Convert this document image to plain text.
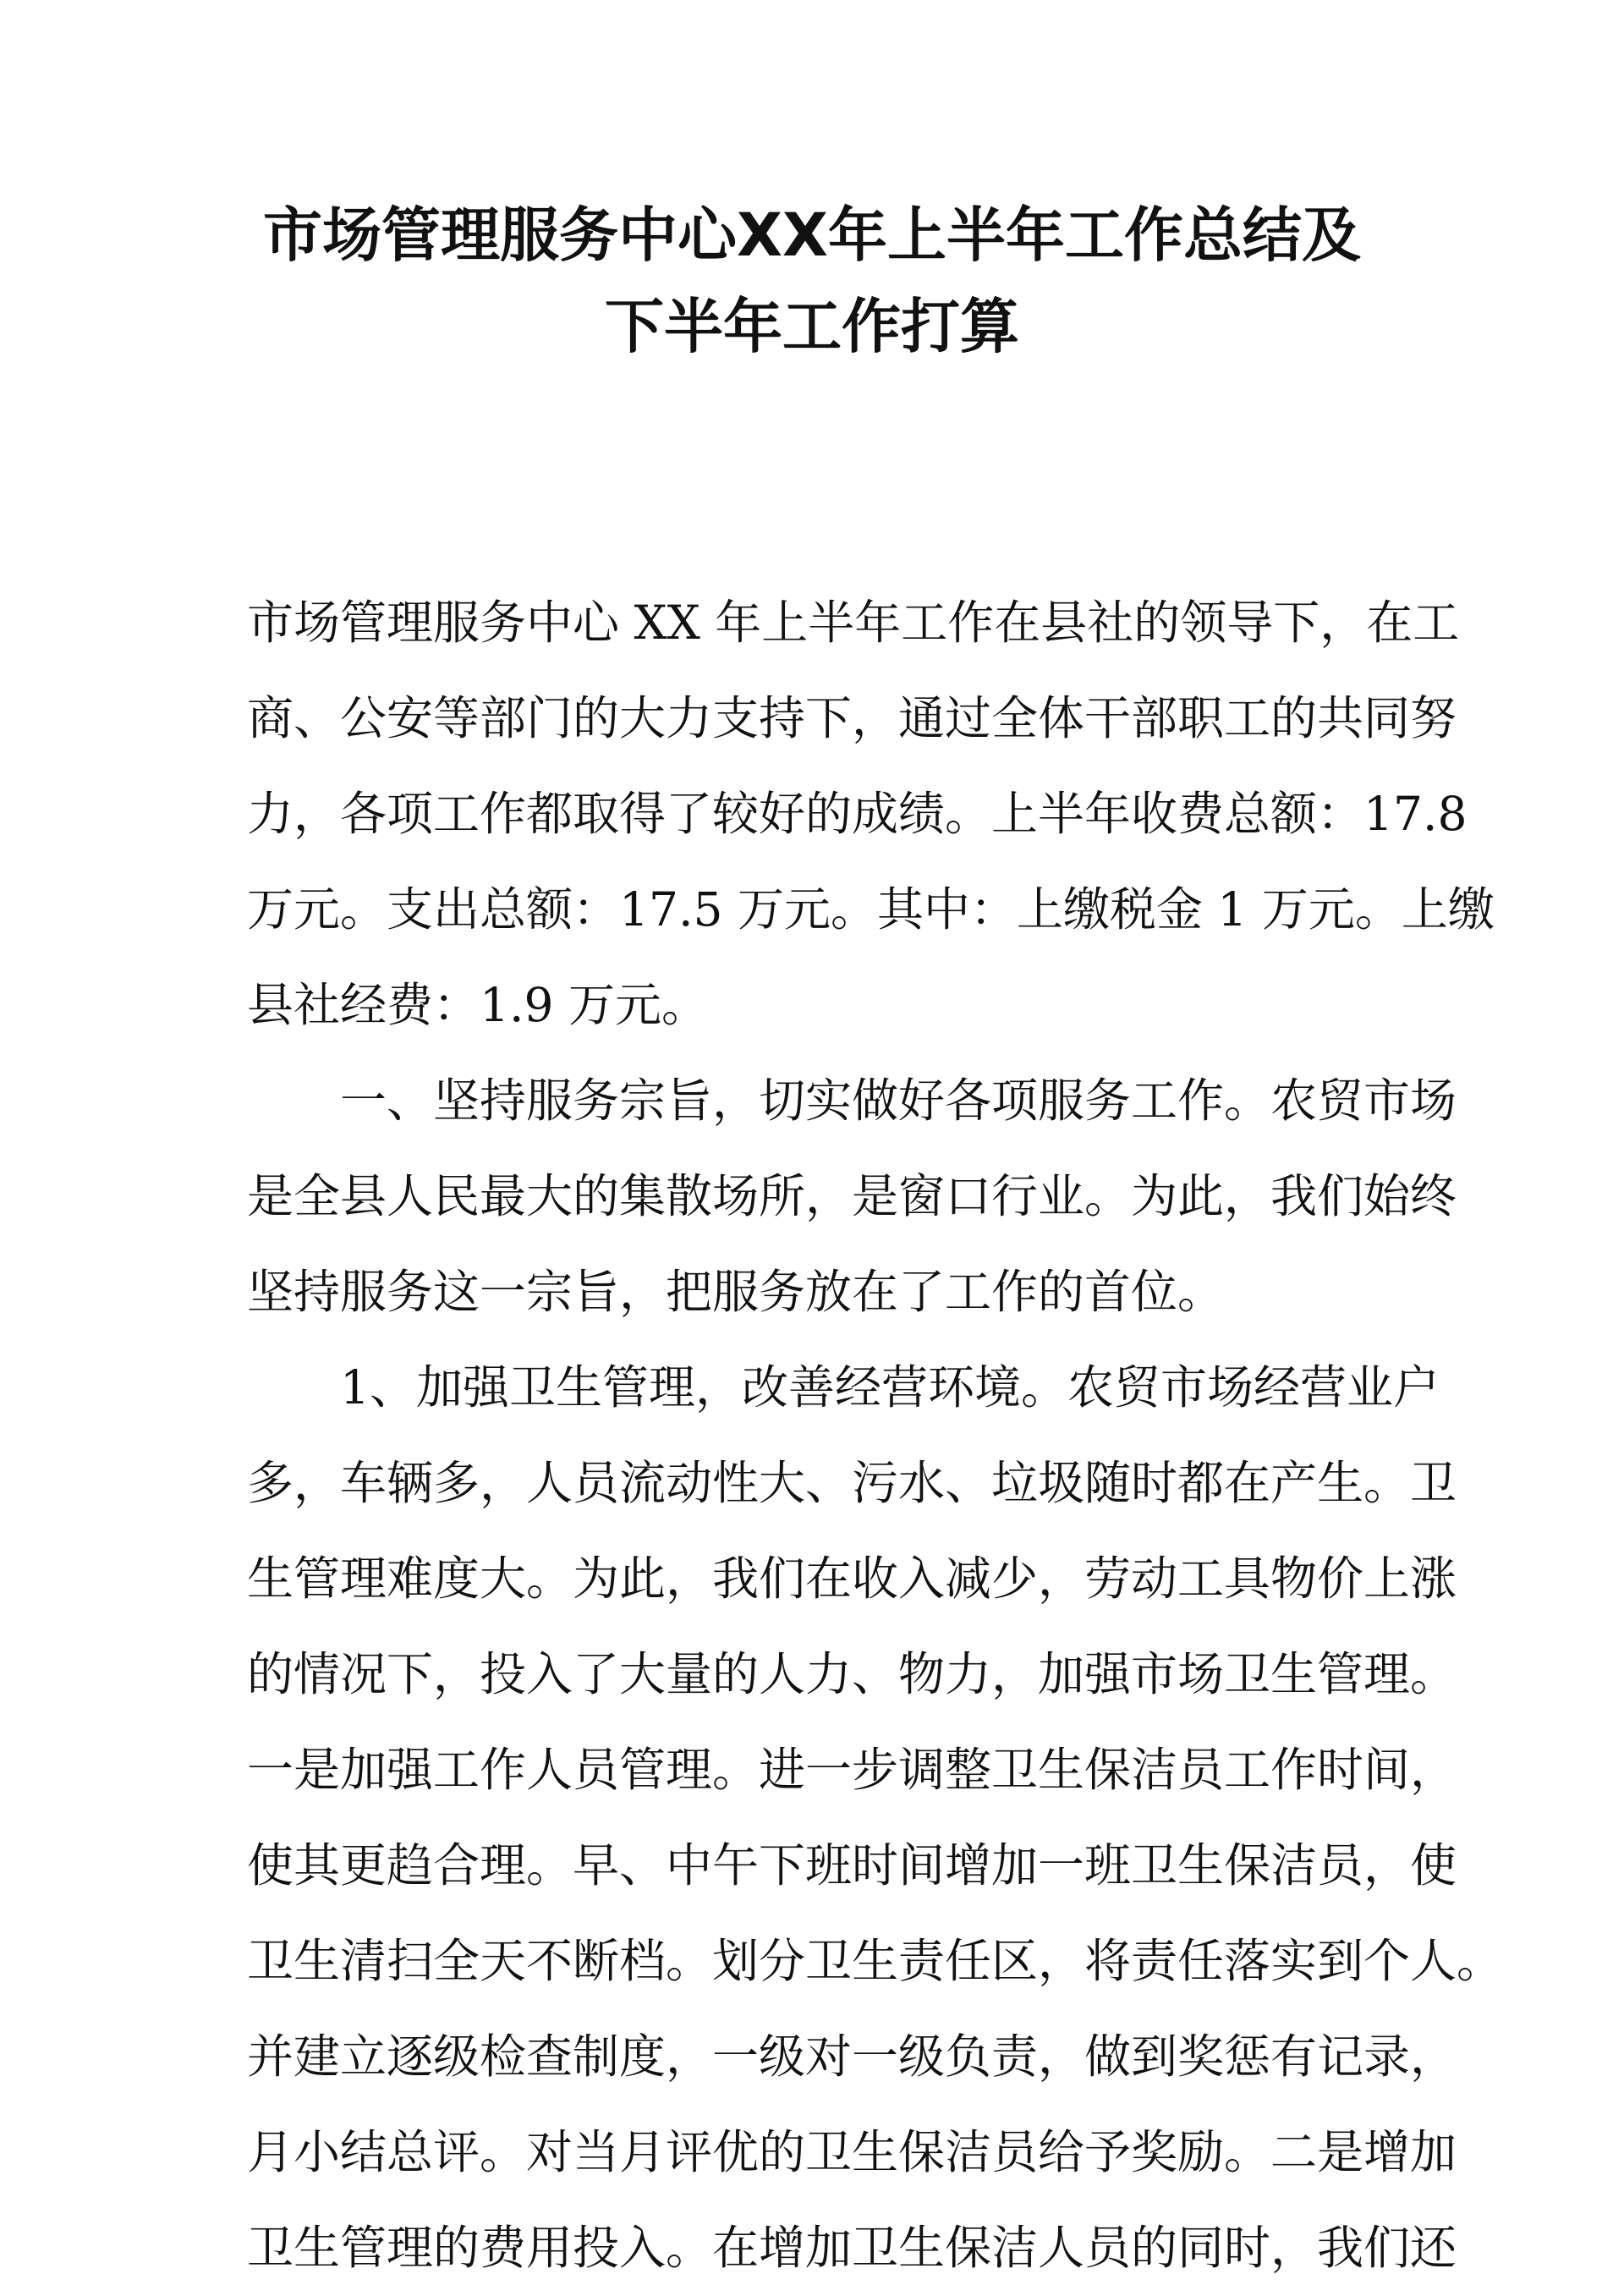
市场管理服务中心XX年上半年工作总结及
下半年工作打算
市场管理服务中心 XX 年上半年工作在县社的领导下，在工
商、公安等部门的大力支持下，通过全体干部职工的共同努
力，各项工作都取得了较好的成绩。上半年收费总额：17.8
万元。支出总额：17.5 万元。其中：上缴税金 1 万元。上缴
县社经费：1.9 万元。
一、坚持服务宗旨，切实做好各项服务工作。农贸市场
是全县人民最大的集散场所，是窗口行业。为此，我们始终
坚持服务这一宗旨，把服务放在了工作的首位。
1、加强卫生管理，改善经营环境。农贸市场经营业户
多，车辆多，人员流动性大、污水、垃圾随时都在产生。卫
生管理难度大。为此，我们在收入减少，劳动工具物价上涨
的情况下，投入了大量的人力、物力，加强市场卫生管理。
一是加强工作人员管理。进一步调整卫生保洁员工作时间，
使其更趋合理。早、中午下班时间增加一班卫生保洁员，使
卫生清扫全天不断档。划分卫生责任区，将责任落实到个人。
并建立逐级检查制度，一级对一级负责，做到奖惩有记录，
月小结总评。对当月评优的卫生保洁员给予奖励。二是增加
卫生管理的费用投入。在增加卫生保洁人员的同时，我们还
